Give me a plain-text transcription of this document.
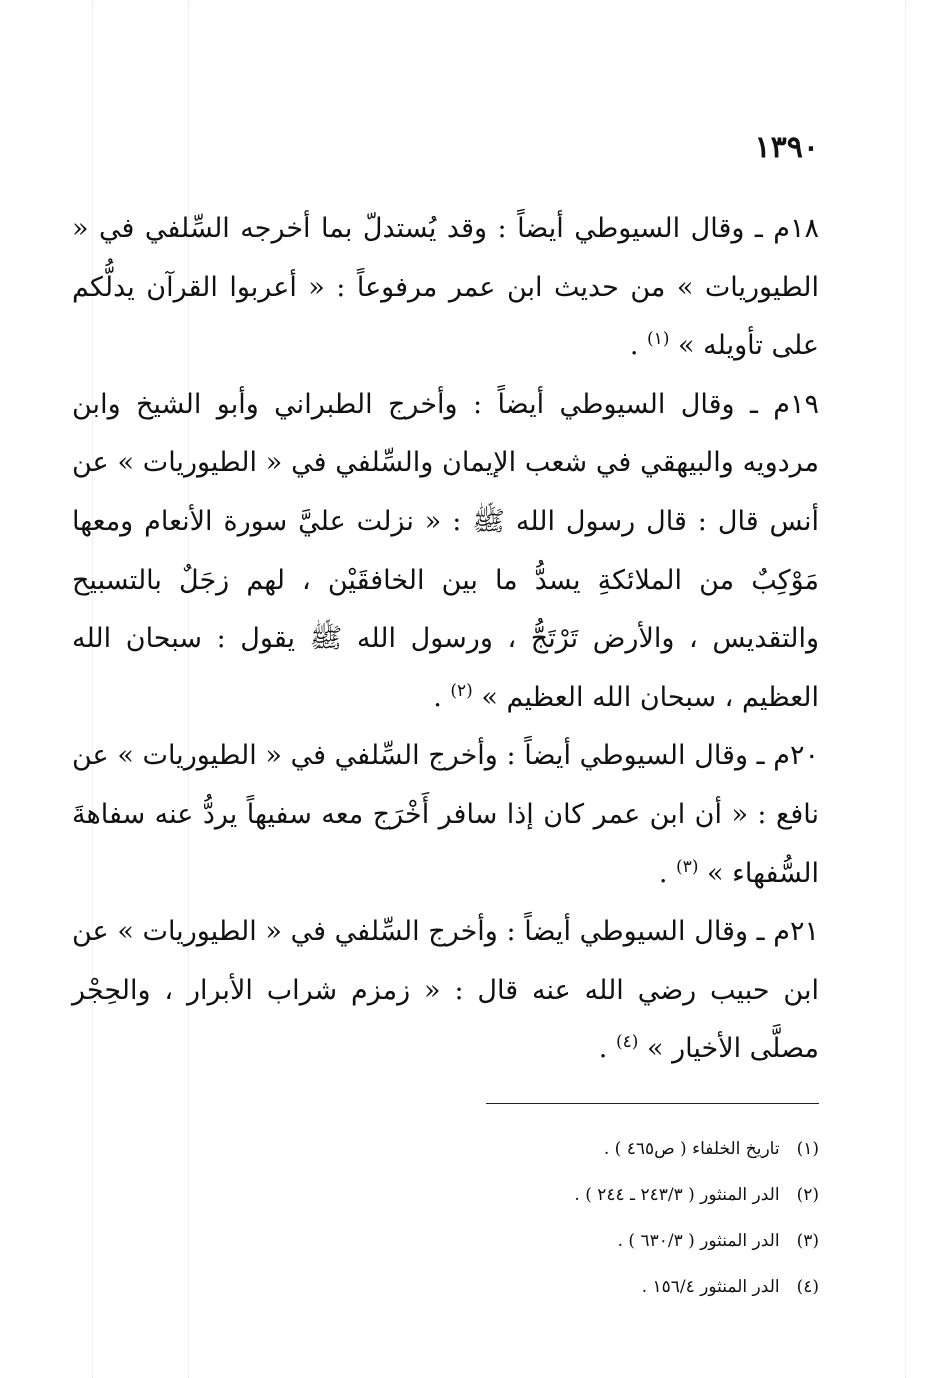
١٣٩٠

١٨م ـ وقال السيوطي أيضاً : وقد يُستدلّ بما أخرجه السِّلفي في « الطيوريات » من حديث ابن عمر مرفوعاً : « أعربوا القرآن يدلُّكم على تأويله » $^{(١)}$ .

١٩م ـ وقال السيوطي أيضاً : وأخرج الطبراني وأبو الشيخ وابن مردويه والبيهقي في شعب الإيمان والسِّلفي في « الطيوريات » عن أنس قال : قال رسول الله ﷺ : « نزلت عليَّ سورة الأنعام ومعها مَوْكِبٌ من الملائكةِ يسدُّ ما بين الخافقَيْن ، لهم زجَلٌ بالتسبيح والتقديس ، والأرض تَرْتَجُّ ، ورسول الله ﷺ يقول : سبحان الله العظيم ، سبحان الله العظيم » $^{(٢)}$ .

٢٠م ـ وقال السيوطي أيضاً : وأخرج السِّلفي في « الطيوريات » عن نافع : « أن ابن عمر كان إذا سافر أَخْرَج معه سفيهاً يردُّ عنه سفاهةَ السُّفهاء » $^{(٣)}$ .

٢١م ـ وقال السيوطي أيضاً : وأخرج السِّلفي في « الطيوريات » عن ابن حبيب رضي الله عنه قال : « زمزم شراب الأبرار ، والحِجْر مصلَّى الأخيار » $^{(٤)}$ .

(١) تاريخ الخلفاء ( ص٤٦٥ ) .
(٢) الدر المنثور ( ٢٤٣/٣ ـ ٢٤٤ ) .
(٣) الدر المنثور ( ٦٣٠/٣ ) .
(٤) الدر المنثور ١٥٦/٤ .
